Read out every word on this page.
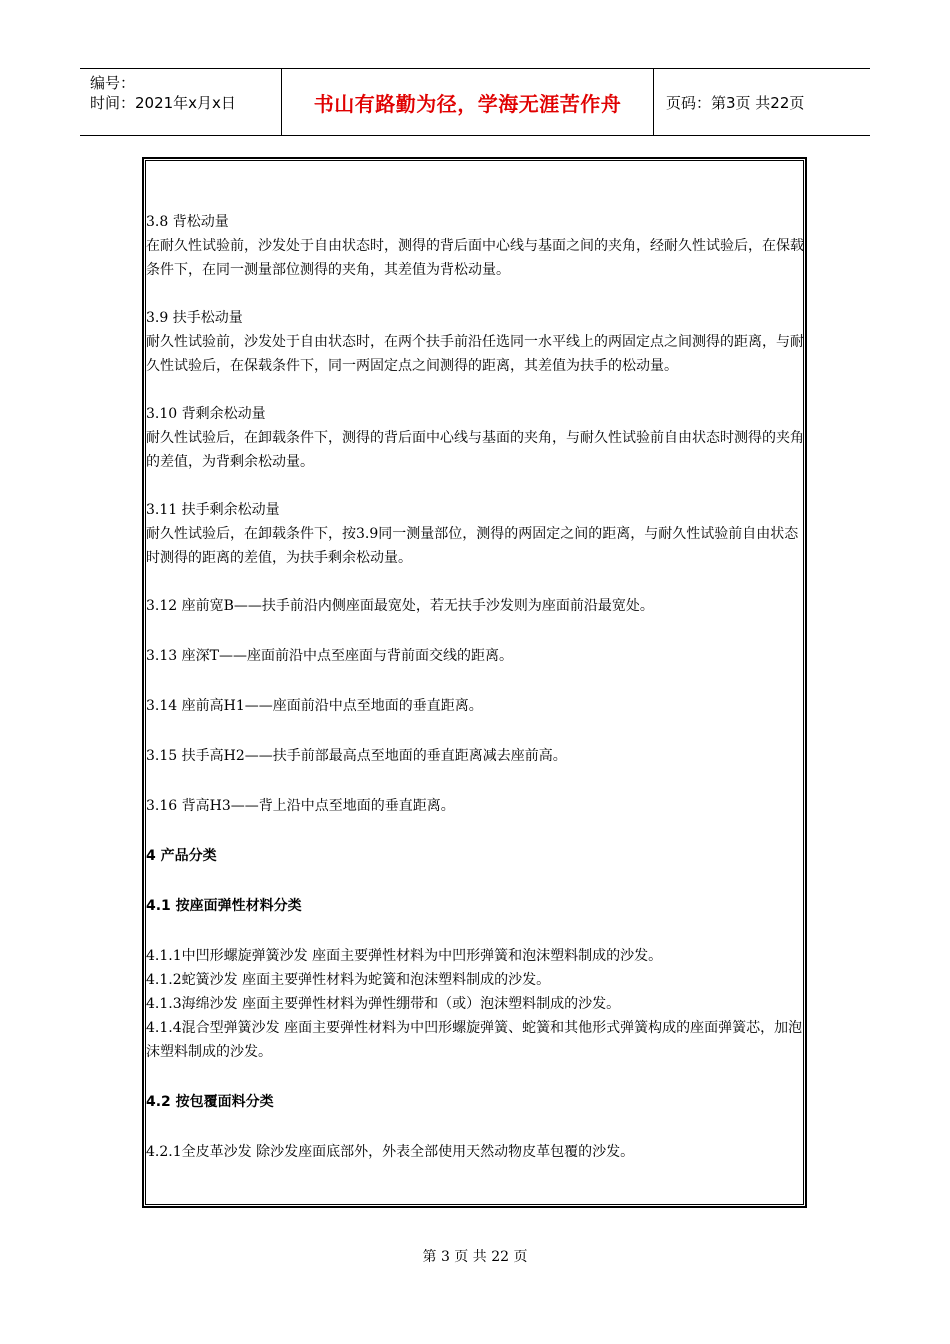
编号：
时间：2021年x月x日	书山有路勤为径，学海无涯苦作舟	页码：第3页 共22页

3.8 背松动量

在耐久性试验前，沙发处于自由状态时，测得的背后面中心线与基面之间的夹角，经耐久性试验后，在保载条件下，在同一测量部位测得的夹角，其差值为背松动量。

3.9 扶手松动量

耐久性试验前，沙发处于自由状态时，在两个扶手前沿任选同一水平线上的两固定点之间测得的距离，与耐久性试验后，在保载条件下，同一两固定点之间测得的距离，其差值为扶手的松动量。

3.10 背剩余松动量

耐久性试验后，在卸载条件下，测得的背后面中心线与基面的夹角，与耐久性试验前自由状态时测得的夹角的差值，为背剩余松动量。

3.11 扶手剩余松动量

耐久性试验后，在卸载条件下，按3.9同一测量部位，测得的两固定之间的距离，与耐久性试验前自由状态时测得的距离的差值，为扶手剩余松动量。

3.12 座前宽B——扶手前沿内侧座面最宽处，若无扶手沙发则为座面前沿最宽处。

3.13 座深T——座面前沿中点至座面与背前面交线的距离。

3.14 座前高H1——座面前沿中点至地面的垂直距离。

3.15 扶手高H2——扶手前部最高点至地面的垂直距离减去座前高。

3.16 背高H3——背上沿中点至地面的垂直距离。

4 产品分类

4.1 按座面弹性材料分类

4.1.1中凹形螺旋弹簧沙发 座面主要弹性材料为中凹形弹簧和泡沫塑料制成的沙发。

4.1.2蛇簧沙发 座面主要弹性材料为蛇簧和泡沫塑料制成的沙发。

4.1.3海绵沙发 座面主要弹性材料为弹性绷带和（或）泡沫塑料制成的沙发。

4.1.4混合型弹簧沙发 座面主要弹性材料为中凹形螺旋弹簧、蛇簧和其他形式弹簧构成的座面弹簧芯，加泡沫塑料制成的沙发。

4.2 按包覆面料分类

4.2.1全皮革沙发 除沙发座面底部外，外表全部使用天然动物皮革包覆的沙发。

第 3 页 共 22 页
